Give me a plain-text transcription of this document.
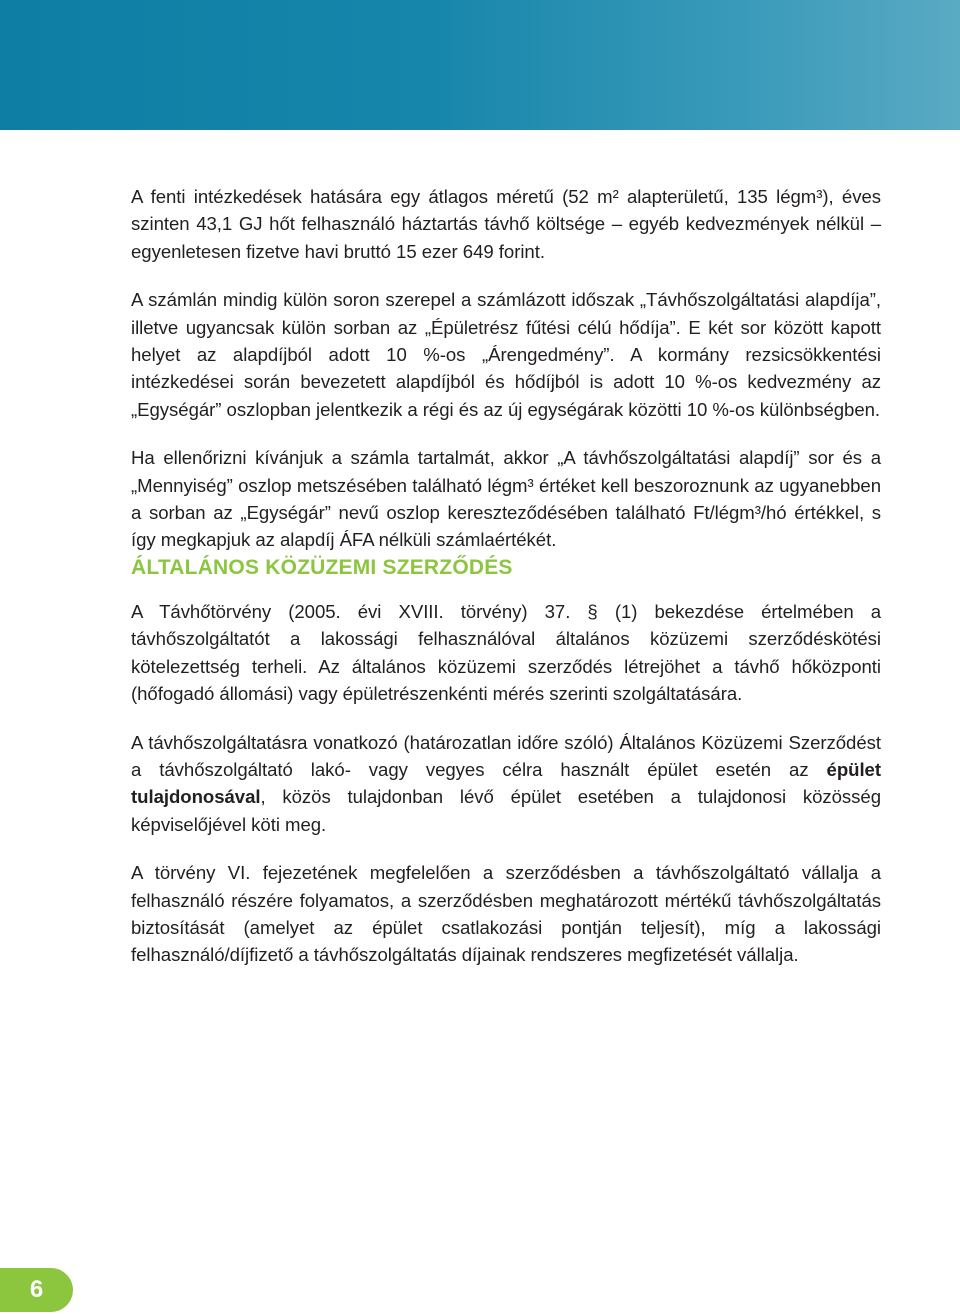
A fenti intézkedések hatására egy átlagos méretű (52 m² alapterületű, 135 légm³), éves szinten 43,1 GJ hőt felhasználó háztartás távhő költsége – egyéb kedvezmények nélkül – egyenletesen fizetve havi bruttó 15 ezer 649 forint.

A számlán mindig külön soron szerepel a számlázott időszak „Távhőszolgáltatási alapdíja”, illetve ugyancsak külön sorban az „Épületrész fűtési célú hődíja”. E két sor között kapott helyet az alapdíjból adott 10 %-os „Árengedmény”. A kormány rezsicsökkentési intézkedései során bevezetett alapdíjból és hődíjból is adott 10 %-os kedvezmény az „Egységár” oszlopban jelentkezik a régi és az új egységárak közötti 10 %-os különbségben.

Ha ellenőrizni kívánjuk a számla tartalmát, akkor „A távhőszolgáltatási alapdíj” sor és a „Mennyiség” oszlop metszésében található légm³ értéket kell beszoroznunk az ugyanebben a sorban az „Egységár” nevű oszlop kereszteződésében található Ft/légm³/hó értékkel, s így megkapjuk az alapdíj ÁFA nélküli számlaértékét.

ÁLTALÁNOS KÖZÜZEMI SZERZŐDÉS

A Távhőtörvény (2005. évi XVIII. törvény) 37. § (1) bekezdése értelmében a távhőszolgáltatót a lakossági felhasználóval általános közüzemi szerződéskötési kötelezettség terheli. Az általános közüzemi szerződés létrejöhet a távhő hőközponti (hőfogadó állomási) vagy épületrészenkénti mérés szerinti szolgáltatására.

A távhőszolgáltatásra vonatkozó (határozatlan időre szóló) Általános Közüzemi Szerződést a távhőszolgáltató lakó- vagy vegyes célra használt épület esetén az épület tulajdonosával, közös tulajdonban lévő épület esetében a tulajdonosi közösség képviselőjével köti meg.

A törvény VI. fejezetének megfelelően a szerződésben a távhőszolgáltató vállalja a felhasználó részére folyamatos, a szerződésben meghatározott mértékű távhőszolgáltatás biztosítását (amelyet az épület csatlakozási pontján teljesít), míg a lakossági felhasználó/díjfizető a távhőszolgáltatás díjainak rendszeres megfizetését vállalja.

6
